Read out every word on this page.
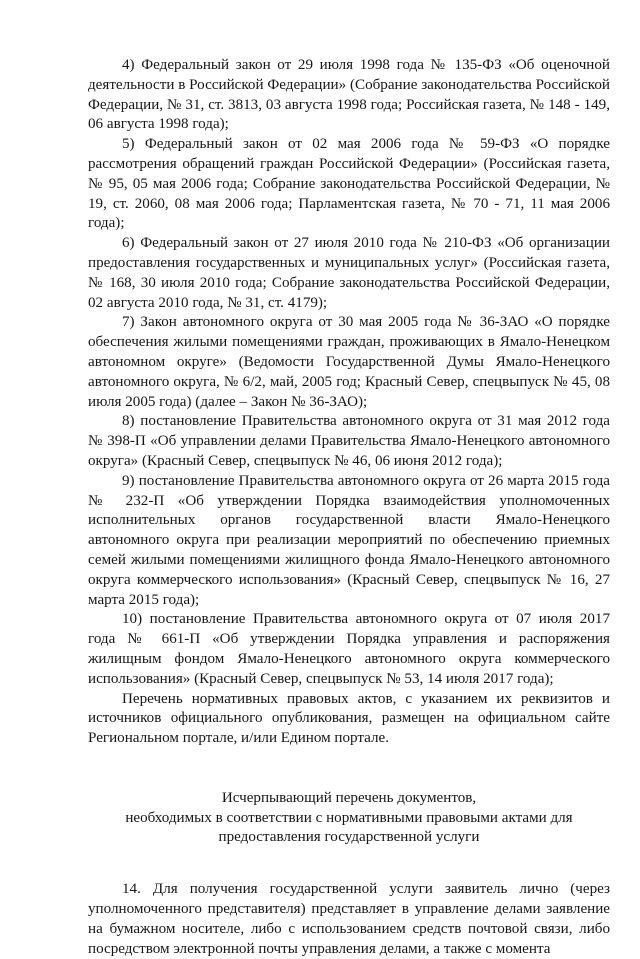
4) Федеральный закон от 29 июля 1998 года № 135-ФЗ «Об оценочной деятельности в Российской Федерации» (Собрание законодательства Российской Федерации, № 31, ст. 3813, 03 августа 1998 года; Российская газета, № 148 - 149, 06 августа 1998 года);

5) Федеральный закон от 02 мая 2006 года № 59-ФЗ «О порядке рассмотрения обращений граждан Российской Федерации» (Российская газета, № 95, 05 мая 2006 года; Собрание законодательства Российской Федерации, № 19, ст. 2060, 08 мая 2006 года; Парламентская газета, № 70 - 71, 11 мая 2006 года);

6) Федеральный закон от 27 июля 2010 года № 210-ФЗ «Об организации предоставления государственных и муниципальных услуг» (Российская газета, № 168, 30 июля 2010 года; Собрание законодательства Российской Федерации, 02 августа 2010 года, № 31, ст. 4179);

7) Закон автономного округа от 30 мая 2005 года № 36-ЗАО «О порядке обеспечения жилыми помещениями граждан, проживающих в Ямало-Ненецком автономном округе» (Ведомости Государственной Думы Ямало-Ненецкого автономного округа, № 6/2, май, 2005 год; Красный Север, спецвыпуск № 45, 08 июля 2005 года) (далее – Закон № 36-ЗАО);

8) постановление Правительства автономного округа от 31 мая 2012 года № 398-П «Об управлении делами Правительства Ямало-Ненецкого автономного округа» (Красный Север, спецвыпуск № 46, 06 июня 2012 года);

9) постановление Правительства автономного округа от 26 марта 2015 года № 232-П «Об утверждении Порядка взаимодействия уполномоченных исполнительных органов государственной власти Ямало-Ненецкого автономного округа при реализации мероприятий по обеспечению приемных семей жилыми помещениями жилищного фонда Ямало-Ненецкого автономного округа коммерческого использования» (Красный Север, спецвыпуск № 16, 27 марта 2015 года);

10) постановление Правительства автономного округа от 07 июля 2017 года № 661-П «Об утверждении Порядка управления и распоряжения жилищным фондом Ямало-Ненецкого автономного округа коммерческого использования» (Красный Север, спецвыпуск № 53, 14 июля 2017 года);

Перечень нормативных правовых актов, с указанием их реквизитов и источников официального опубликования, размещен на официальном сайте Региональном портале, и/или Едином портале.

Исчерпывающий перечень документов,
необходимых в соответствии с нормативными правовыми актами для
предоставления государственной услуги

14. Для получения государственной услуги заявитель лично (через уполномоченного представителя) представляет в управление делами заявление на бумажном носителе, либо с использованием средств почтовой связи, либо посредством электронной почты управления делами, а также с момента
